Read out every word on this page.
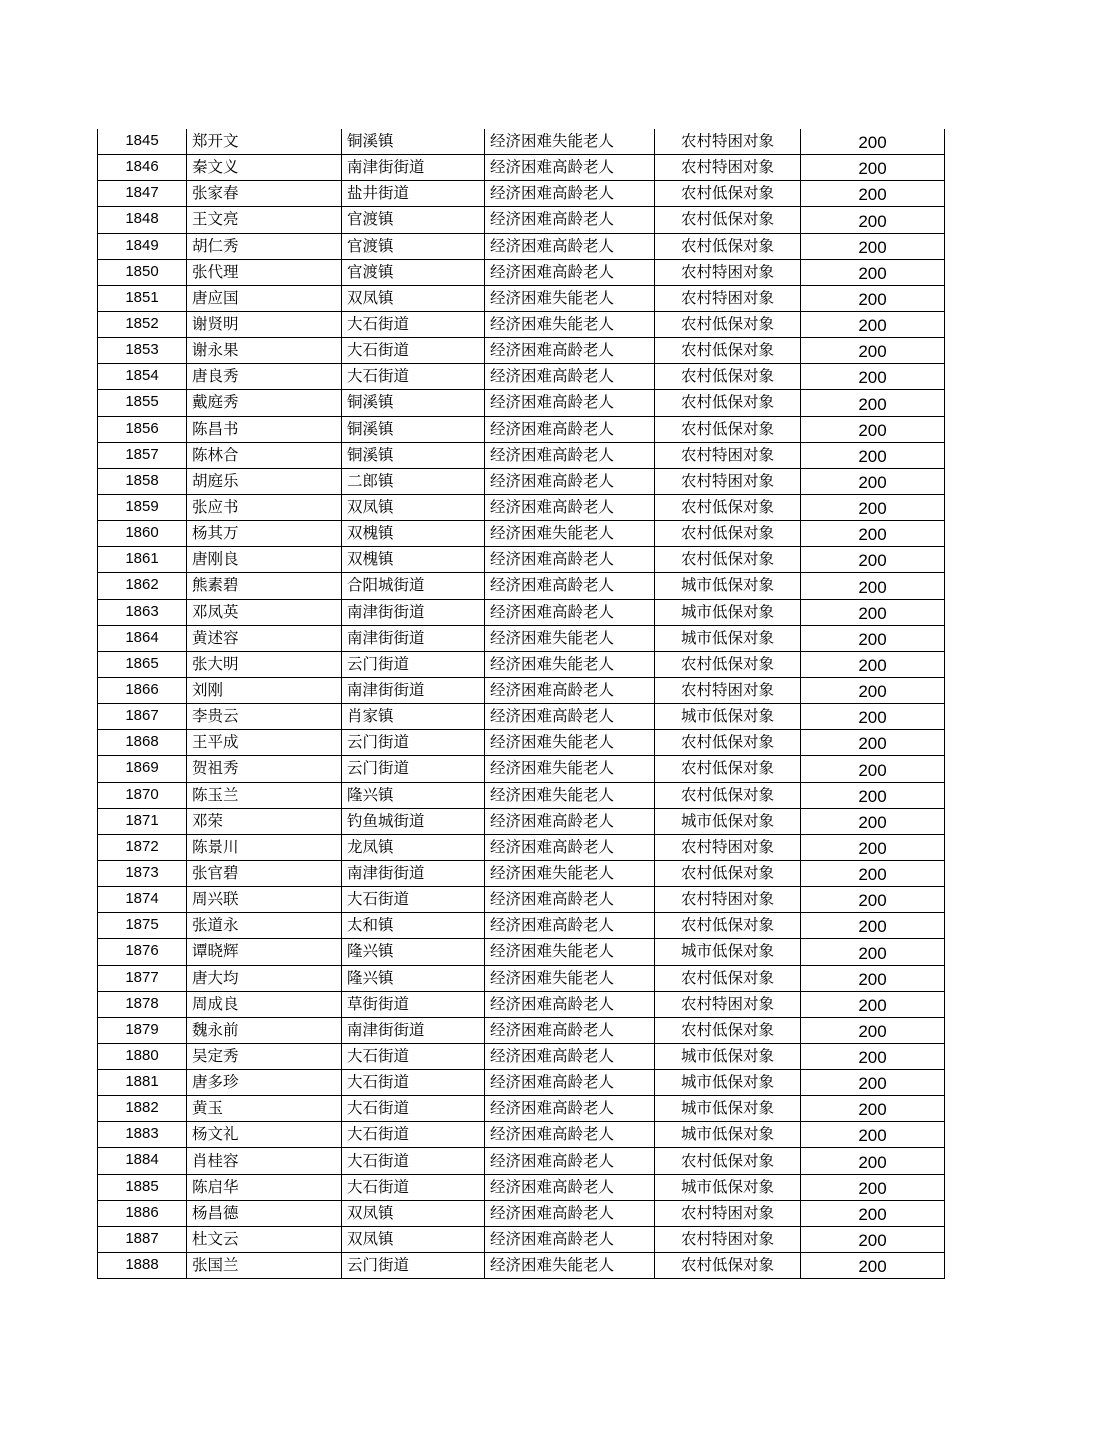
1845	郑开文	铜溪镇	经济困难失能老人	农村特困对象	200
1846	秦文义	南津街街道	经济困难高龄老人	农村特困对象	200
1847	张家春	盐井街道	经济困难高龄老人	农村低保对象	200
1848	王文亮	官渡镇	经济困难高龄老人	农村低保对象	200
1849	胡仁秀	官渡镇	经济困难高龄老人	农村低保对象	200
1850	张代理	官渡镇	经济困难高龄老人	农村特困对象	200
1851	唐应国	双凤镇	经济困难失能老人	农村特困对象	200
1852	谢贤明	大石街道	经济困难失能老人	农村低保对象	200
1853	谢永果	大石街道	经济困难高龄老人	农村低保对象	200
1854	唐良秀	大石街道	经济困难高龄老人	农村低保对象	200
1855	戴庭秀	铜溪镇	经济困难高龄老人	农村低保对象	200
1856	陈昌书	铜溪镇	经济困难高龄老人	农村低保对象	200
1857	陈林合	铜溪镇	经济困难高龄老人	农村特困对象	200
1858	胡庭乐	二郎镇	经济困难高龄老人	农村特困对象	200
1859	张应书	双凤镇	经济困难高龄老人	农村低保对象	200
1860	杨其万	双槐镇	经济困难失能老人	农村低保对象	200
1861	唐刚良	双槐镇	经济困难高龄老人	农村低保对象	200
1862	熊素碧	合阳城街道	经济困难高龄老人	城市低保对象	200
1863	邓凤英	南津街街道	经济困难高龄老人	城市低保对象	200
1864	黄述容	南津街街道	经济困难失能老人	城市低保对象	200
1865	张大明	云门街道	经济困难失能老人	农村低保对象	200
1866	刘刚	南津街街道	经济困难高龄老人	农村特困对象	200
1867	李贵云	肖家镇	经济困难高龄老人	城市低保对象	200
1868	王平成	云门街道	经济困难失能老人	农村低保对象	200
1869	贺祖秀	云门街道	经济困难失能老人	农村低保对象	200
1870	陈玉兰	隆兴镇	经济困难失能老人	农村低保对象	200
1871	邓荣	钓鱼城街道	经济困难高龄老人	城市低保对象	200
1872	陈景川	龙凤镇	经济困难高龄老人	农村特困对象	200
1873	张官碧	南津街街道	经济困难失能老人	农村低保对象	200
1874	周兴联	大石街道	经济困难高龄老人	农村特困对象	200
1875	张道永	太和镇	经济困难高龄老人	农村低保对象	200
1876	谭晓辉	隆兴镇	经济困难失能老人	城市低保对象	200
1877	唐大均	隆兴镇	经济困难失能老人	农村低保对象	200
1878	周成良	草街街道	经济困难高龄老人	农村特困对象	200
1879	魏永前	南津街街道	经济困难高龄老人	农村低保对象	200
1880	吴定秀	大石街道	经济困难高龄老人	城市低保对象	200
1881	唐多珍	大石街道	经济困难高龄老人	城市低保对象	200
1882	黄玉	大石街道	经济困难高龄老人	城市低保对象	200
1883	杨文礼	大石街道	经济困难高龄老人	城市低保对象	200
1884	肖桂容	大石街道	经济困难高龄老人	农村低保对象	200
1885	陈启华	大石街道	经济困难高龄老人	城市低保对象	200
1886	杨昌德	双凤镇	经济困难高龄老人	农村特困对象	200
1887	杜文云	双凤镇	经济困难高龄老人	农村特困对象	200
1888	张国兰	云门街道	经济困难失能老人	农村低保对象	200
